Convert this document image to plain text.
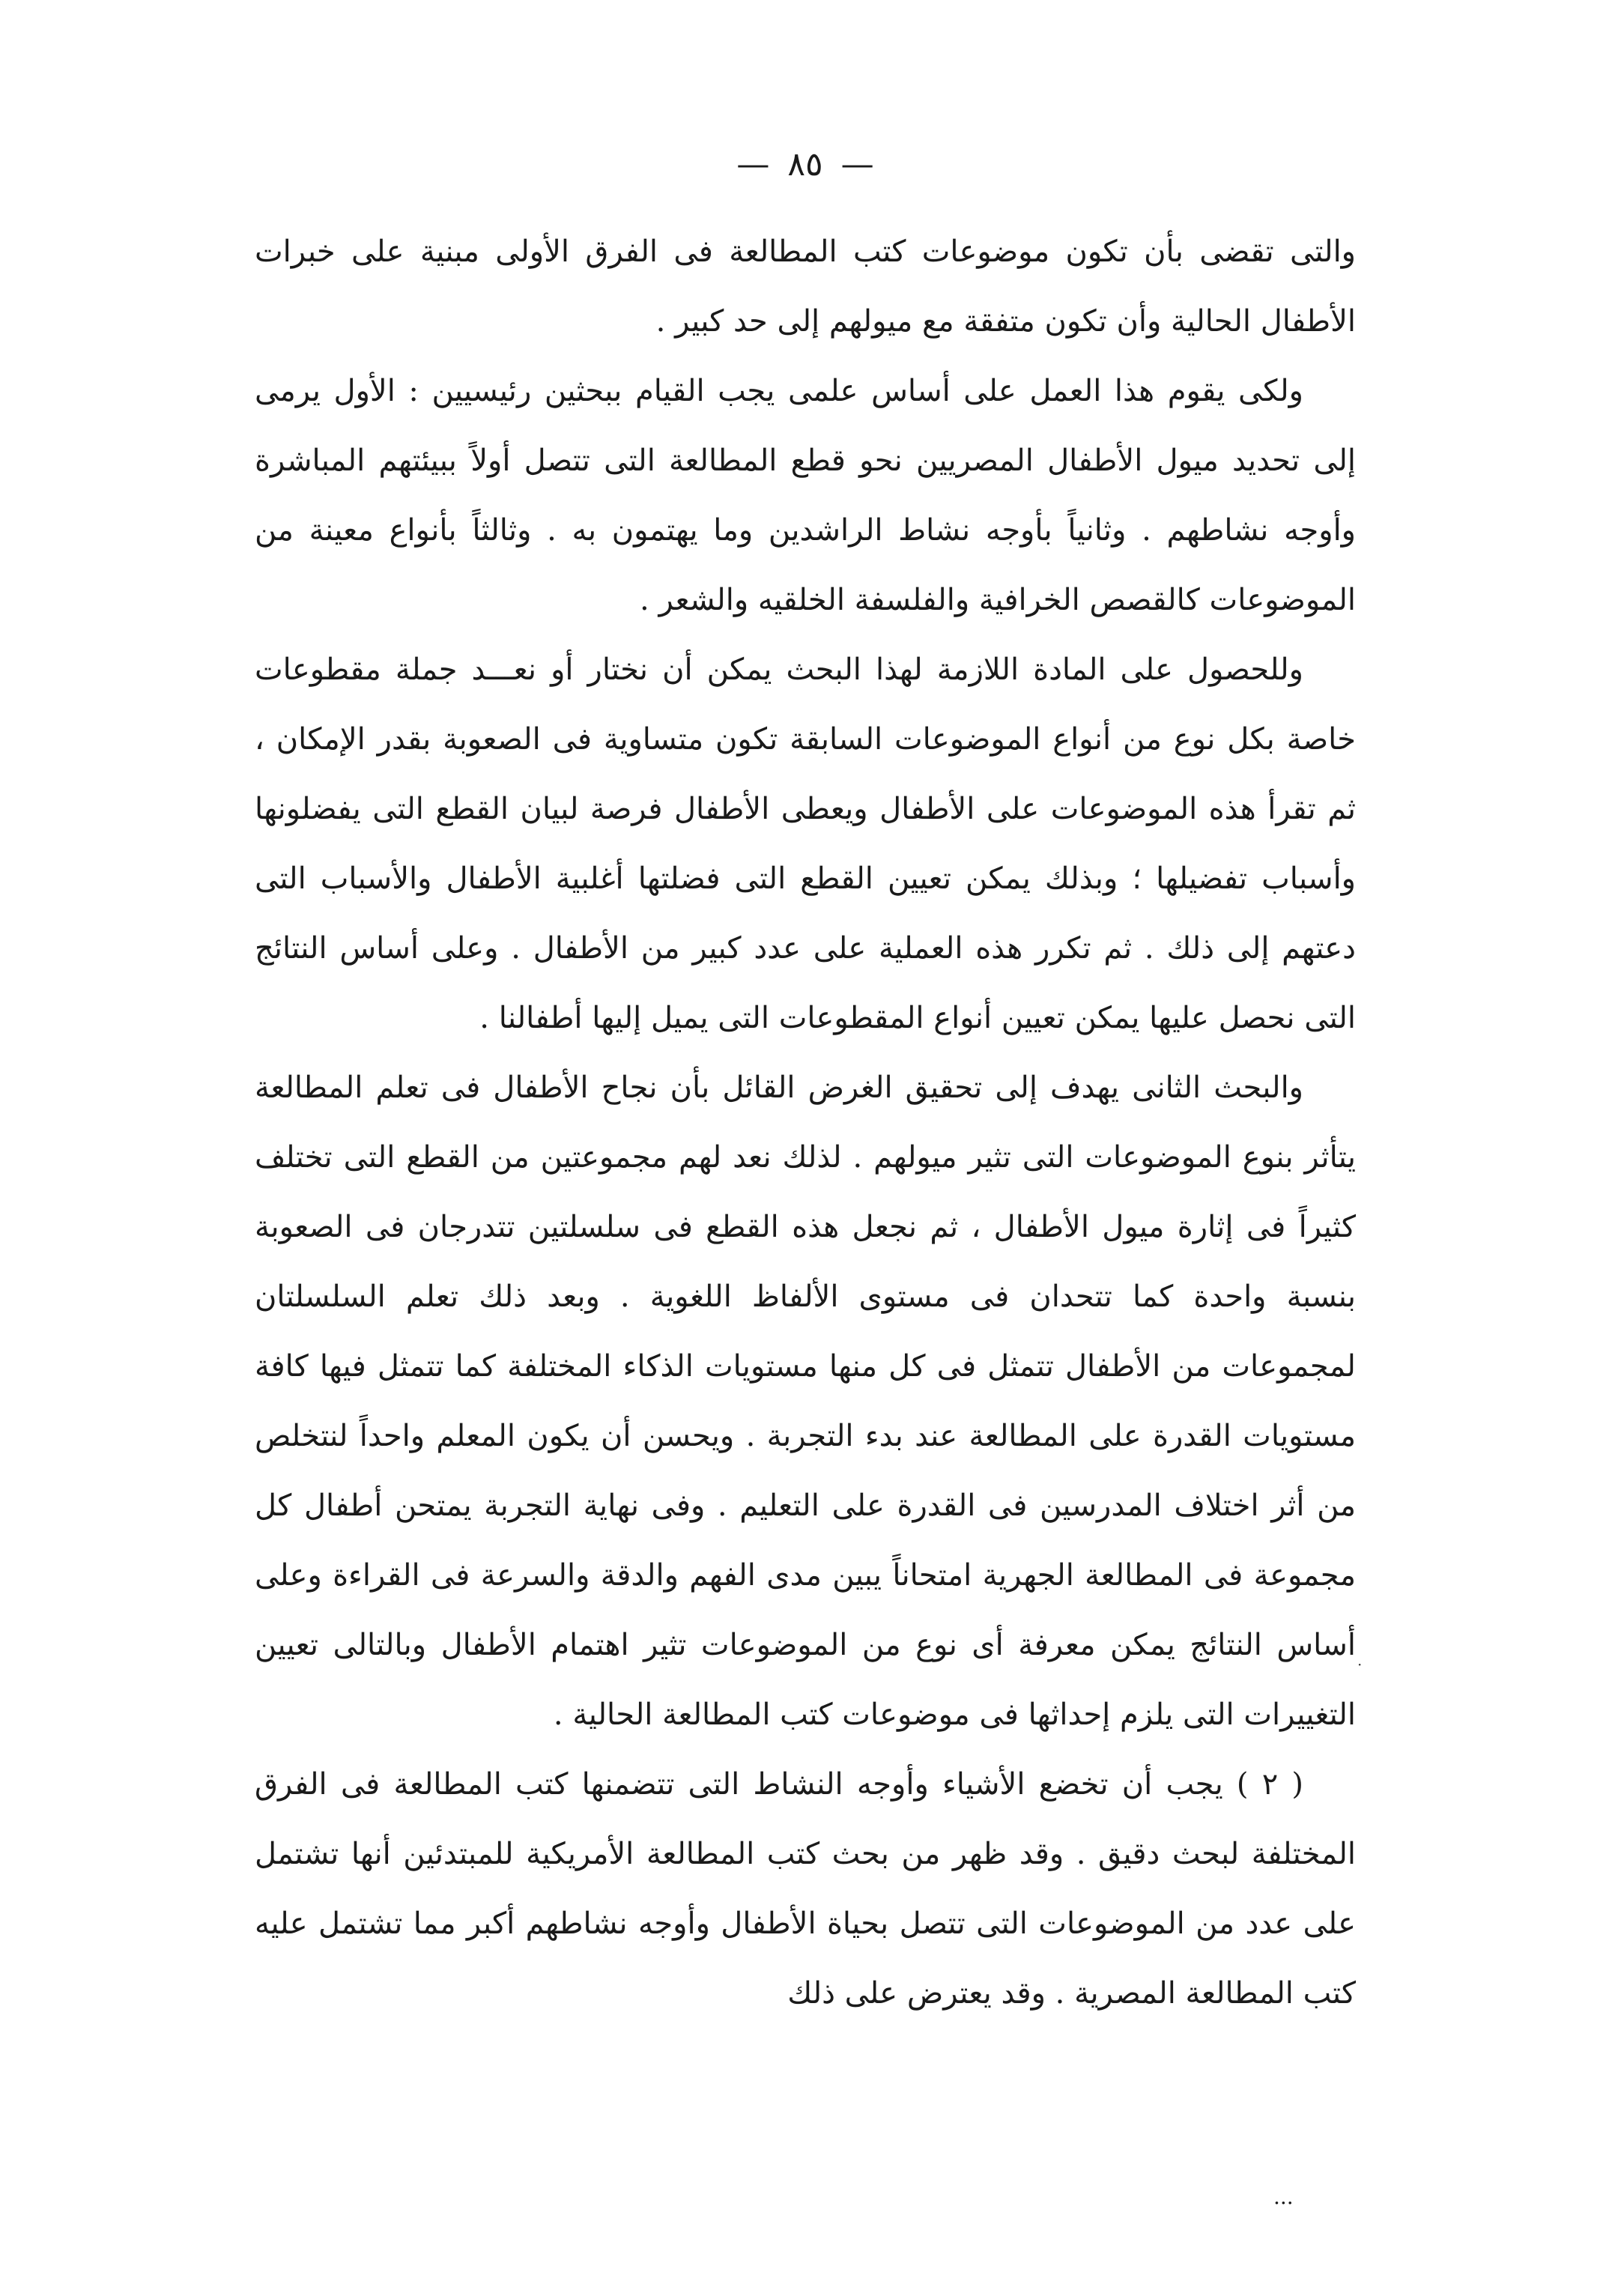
— ٨٥ —

والتى تقضى بأن تكون موضوعات كتب المطالعة فى الفرق الأولى مبنية على خبرات الأطفال الحالية وأن تكون متفقة مع ميولهم إلى حد كبير .

ولكى يقوم هذا العمل على أساس علمى يجب القيام ببحثين رئيسيين : الأول يرمى إلى تحديد ميول الأطفال المصريين نحو قطع المطالعة التى تتصل أولاً ببيئتهم المباشرة وأوجه نشاطهم . وثانياً بأوجه نشاط الراشدين وما يهتمون به . وثالثاً بأنواع معينة من الموضوعات كالقصص الخرافية والفلسفة الخلقيه والشعر .

وللحصول على المادة اللازمة لهذا البحث يمكن أن نختار أو نعـــد جملة مقطوعات خاصة بكل نوع من أنواع الموضوعات السابقة تكون متساوية فى الصعوبة بقدر الإمكان ، ثم تقرأ هذه الموضوعات على الأطفال ويعطى الأطفال فرصة لبيان القطع التى يفضلونها وأسباب تفضيلها ؛ وبذلك يمكن تعيين القطع التى فضلتها أغلبية الأطفال والأسباب التى دعتهم إلى ذلك . ثم تكرر هذه العملية على عدد كبير من الأطفال . وعلى أساس النتائج التى نحصل عليها يمكن تعيين أنواع المقطوعات التى يميل إليها أطفالنا .

والبحث الثانى يهدف إلى تحقيق الغرض القائل بأن نجاح الأطفال فى تعلم المطالعة يتأثر بنوع الموضوعات التى تثير ميولهم . لذلك نعد لهم مجموعتين من القطع التى تختلف كثيراً فى إثارة ميول الأطفال ، ثم نجعل هذه القطع فى سلسلتين تتدرجان فى الصعوبة بنسبة واحدة كما تتحدان فى مستوى الألفاظ اللغوية . وبعد ذلك تعلم السلسلتان لمجموعات من الأطفال تتمثل فى كل منها مستويات الذكاء المختلفة كما تتمثل فيها كافة مستويات القدرة على المطالعة عند بدء التجربة . ويحسن أن يكون المعلم واحداً لنتخلص من أثر اختلاف المدرسين فى القدرة على التعليم . وفى نهاية التجربة يمتحن أطفال كل مجموعة فى المطالعة الجهرية امتحاناً يبين مدى الفهم والدقة والسرعة فى القراءة وعلى أساس النتائج يمكن معرفة أى نوع من الموضوعات تثير اهتمام الأطفال وبالتالى تعيين التغييرات التى يلزم إحداثها فى موضوعات كتب المطالعة الحالية .

( ٢ ) يجب أن تخضع الأشياء وأوجه النشاط التى تتضمنها كتب المطالعة فى الفرق المختلفة لبحث دقيق . وقد ظهر من بحث كتب المطالعة الأمريكية للمبتدئين أنها تشتمل على عدد من الموضوعات التى تتصل بحياة الأطفال وأوجه نشاطهم أكبر مما تشتمل عليه كتب المطالعة المصرية . وقد يعترض على ذلك

·
...
